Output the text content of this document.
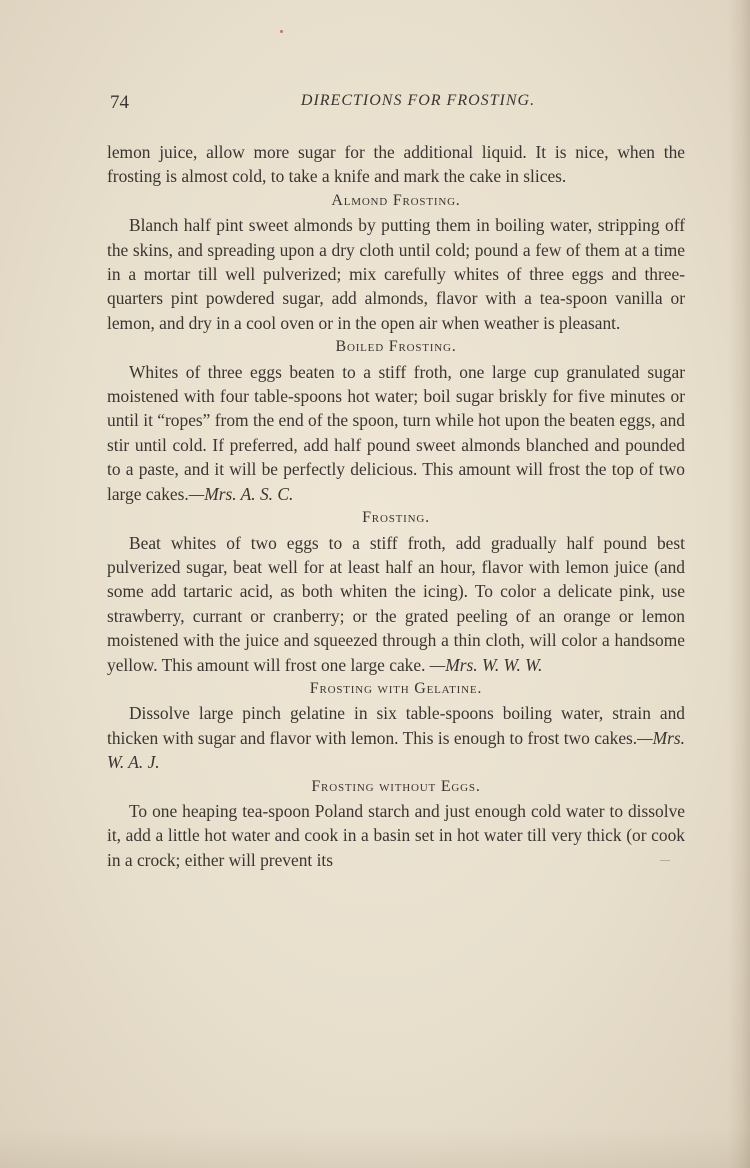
74	DIRECTIONS FOR FROSTING.

lemon juice, allow more sugar for the additional liquid. It is nice, when the frosting is almost cold, to take a knife and mark the cake in slices.

Almond Frosting.

Blanch half pint sweet almonds by putting them in boiling water, stripping off the skins, and spreading upon a dry cloth until cold; pound a few of them at a time in a mortar till well pulverized; mix carefully whites of three eggs and three-quarters pint powdered sugar, add almonds, flavor with a tea-spoon vanilla or lemon, and dry in a cool oven or in the open air when weather is pleasant.

Boiled Frosting.

Whites of three eggs beaten to a stiff froth, one large cup granulated sugar moistened with four table-spoons hot water; boil sugar briskly for five minutes or until it “ropes” from the end of the spoon, turn while hot upon the beaten eggs, and stir until cold. If preferred, add half pound sweet almonds blanched and pounded to a paste, and it will be perfectly delicious. This amount will frost the top of two large cakes.—Mrs. A. S. C.

Frosting.

Beat whites of two eggs to a stiff froth, add gradually half pound best pulverized sugar, beat well for at least half an hour, flavor with lemon juice (and some add tartaric acid, as both whiten the icing). To color a delicate pink, use strawberry, currant or cranberry; or the grated peeling of an orange or lemon moistened with the juice and squeezed through a thin cloth, will color a handsome yellow. This amount will frost one large cake. —Mrs. W. W. W.

Frosting with Gelatine.

Dissolve large pinch gelatine in six table-spoons boiling water, strain and thicken with sugar and flavor with lemon. This is enough to frost two cakes.—Mrs. W. A. J.

Frosting without Eggs.

To one heaping tea-spoon Poland starch and just enough cold water to dissolve it, add a little hot water and cook in a basin set in hot water till very thick (or cook in a crock; either will prevent its
